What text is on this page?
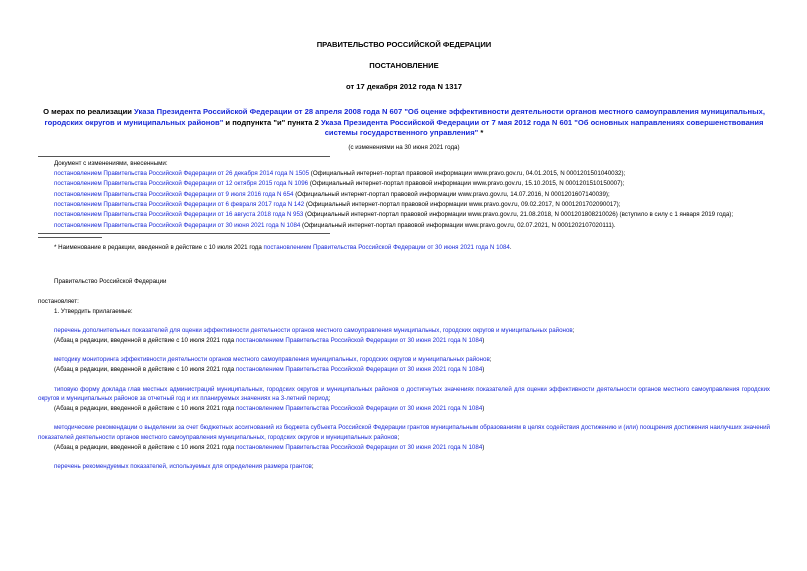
ПРАВИТЕЛЬСТВО РОССИЙСКОЙ ФЕДЕРАЦИИ
ПОСТАНОВЛЕНИЕ
от 17 декабря 2012 года N 1317
О мерах по реализации Указа Президента Российской Федерации от 28 апреля 2008 года N 607 "Об оценке эффективности деятельности органов местного самоуправления муниципальных, городских округов и муниципальных районов" и подпункта "и" пункта 2 Указа Президента Российской Федерации от 7 мая 2012 года N 601 "Об основных направлениях совершенствования системы государственного управления" *
(с изменениями на 30 июня 2021 года)

Документ с изменениями, внесенными:

постановлением Правительства Российской Федерации от 26 декабря 2014 года N 1505 (Официальный интернет-портал правовой информации www.pravo.gov.ru, 04.01.2015, N 0001201501040032);

постановлением Правительства Российской Федерации от 12 октября 2015 года N 1096 (Официальный интернет-портал правовой информации www.pravo.gov.ru, 15.10.2015, N 0001201510150007);

постановлением Правительства Российской Федерации от 9 июля 2016 года N 654 (Официальный интернет-портал правовой информации www.pravo.gov.ru, 14.07.2016, N 0001201607140039);

постановлением Правительства Российской Федерации от 6 февраля 2017 года N 142 (Официальный интернет-портал правовой информации www.pravo.gov.ru, 09.02.2017, N 0001201702090017);

постановлением Правительства Российской Федерации от 16 августа 2018 года N 953 (Официальный интернет-портал правовой информации www.pravo.gov.ru, 21.08.2018, N 0001201808210026) (вступило в силу с 1 января 2019 года);

постановлением Правительства Российской Федерации от 30 июня 2021 года N 1084 (Официальный интернет-портал правовой информации www.pravo.gov.ru, 02.07.2021, N 0001202107020111).

* Наименование в редакции, введенной в действие с 10 июля 2021 года постановлением Правительства Российской Федерации от 30 июня 2021 года N 1084.

Правительство Российской Федерации

постановляет:

1. Утвердить прилагаемые:

перечень дополнительных показателей для оценки эффективности деятельности органов местного самоуправления муниципальных, городских округов и муниципальных районов;

(Абзац в редакции, введенной в действие с 10 июля 2021 года постановлением Правительства Российской Федерации от 30 июня 2021 года N 1084)

методику мониторинга эффективности деятельности органов местного самоуправления муниципальных, городских округов и муниципальных районов;

(Абзац в редакции, введенной в действие с 10 июля 2021 года постановлением Правительства Российской Федерации от 30 июня 2021 года N 1084)

типовую форму доклада глав местных администраций муниципальных, городских округов и муниципальных районов о достигнутых значениях показателей для оценки эффективности деятельности органов местного самоуправления городских округов и муниципальных районов за отчетный год и их планируемых значениях на 3-летний период;

(Абзац в редакции, введенной в действие с 10 июля 2021 года постановлением Правительства Российской Федерации от 30 июня 2021 года N 1084)

методические рекомендации о выделении за счет бюджетных ассигнований из бюджета субъекта Российской Федерации грантов муниципальным образованиям в целях содействия достижению и (или) поощрения достижения наилучших значений показателей деятельности органов местного самоуправления муниципальных, городских округов и муниципальных районов;

(Абзац в редакции, введенной в действие с 10 июля 2021 года постановлением Правительства Российской Федерации от 30 июня 2021 года N 1084)

перечень рекомендуемых показателей, используемых для определения размера грантов;
